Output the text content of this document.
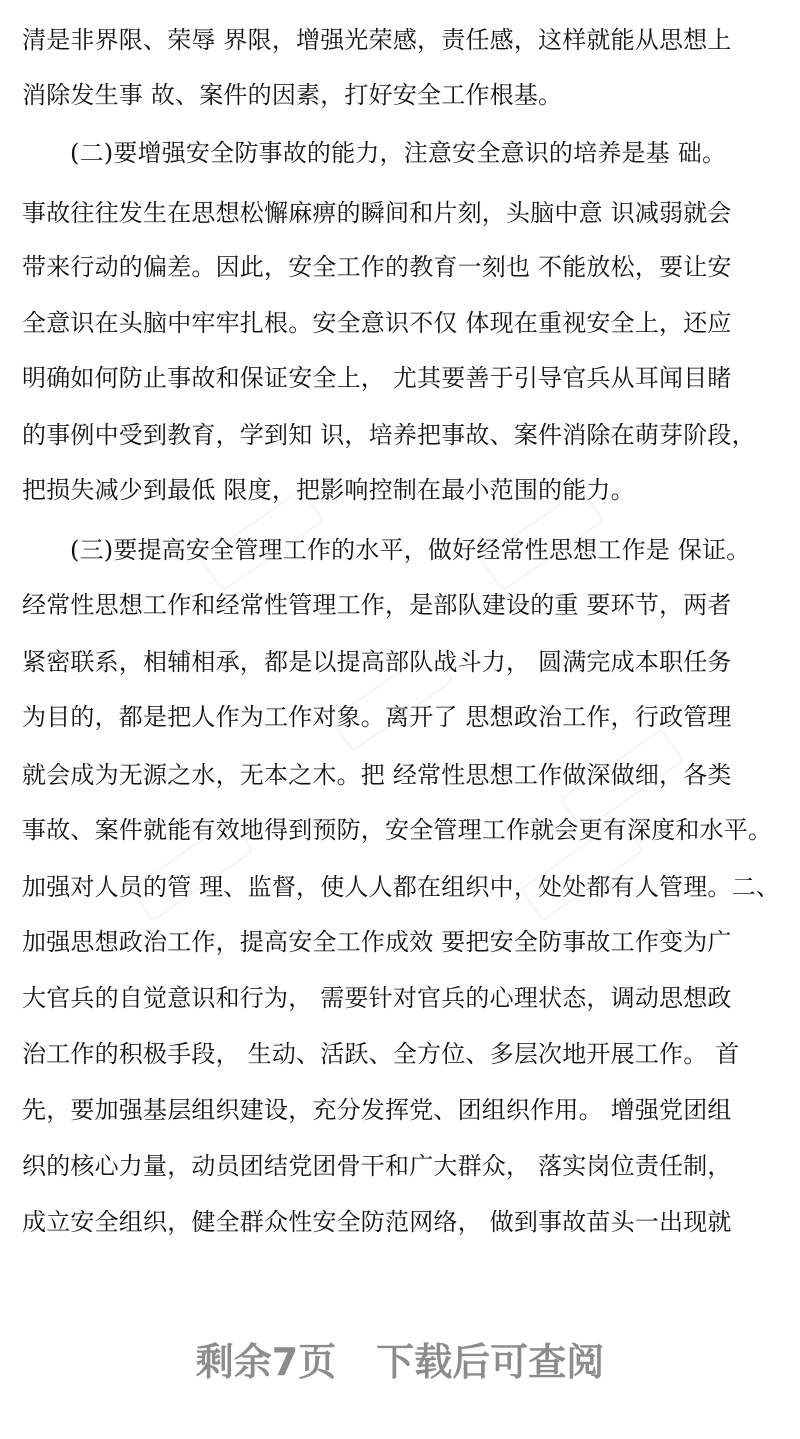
清是非界限、荣辱 界限，增强光荣感，责任感，这样就能从思想上
消除发生事 故、案件的因素，打好安全工作根基。
(二)要增强安全防事故的能力，注意安全意识的培养是基 础。
事故往往发生在思想松懈麻痹的瞬间和片刻，头脑中意 识减弱就会
带来行动的偏差。因此，安全工作的教育一刻也 不能放松，要让安
全意识在头脑中牢牢扎根。安全意识不仅 体现在重视安全上，还应
明确如何防止事故和保证安全上， 尤其要善于引导官兵从耳闻目睹
的事例中受到教育，学到知 识，培养把事故、案件消除在萌芽阶段，
把损失减少到最低 限度，把影响控制在最小范围的能力。
(三)要提高安全管理工作的水平，做好经常性思想工作是 保证。
经常性思想工作和经常性管理工作，是部队建设的重 要环节，两者
紧密联系，相辅相承，都是以提高部队战斗力， 圆满完成本职任务
为目的，都是把人作为工作对象。离开了 思想政治工作，行政管理
就会成为无源之水，无本之木。把 经常性思想工作做深做细，各类
事故、案件就能有效地得到预防，安全管理工作就会更有深度和水平。
加强对人员的管 理、监督，使人人都在组织中，处处都有人管理。二、
加强思想政治工作，提高安全工作成效 要把安全防事故工作变为广
大官兵的自觉意识和行为， 需要针对官兵的心理状态，调动思想政
治工作的积极手段， 生动、活跃、全方位、多层次地开展工作。 首
先，要加强基层组织建设，充分发挥党、团组织作用。 增强党团组
织的核心力量，动员团结党团骨干和广大群众， 落实岗位责任制，
成立安全组织，健全群众性安全防范网络， 做到事故苗头一出现就
剩余7页 下载后可查阅
